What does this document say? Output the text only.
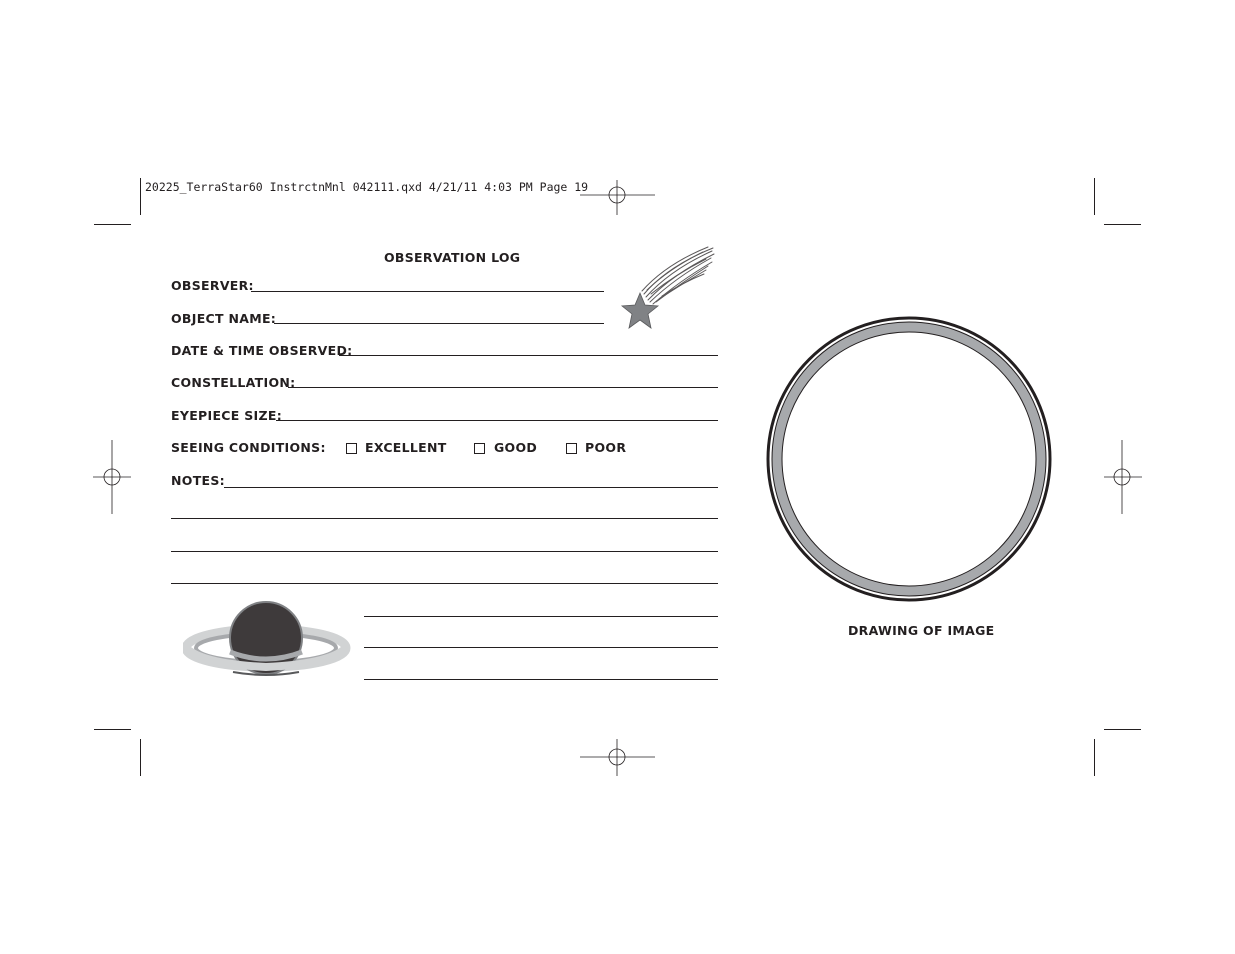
20225_TerraStar60 InstrctnMnl 042111.qxd 4/21/11 4:03 PM Page 19
OBSERVATION LOG
OBSERVER:
OBJECT NAME:
DATE & TIME OBSERVED:
CONSTELLATION:
EYEPIECE SIZE:
SEEING CONDITIONS:	EXCELLENT	GOOD	POOR
NOTES:
DRAWING OF IMAGE
